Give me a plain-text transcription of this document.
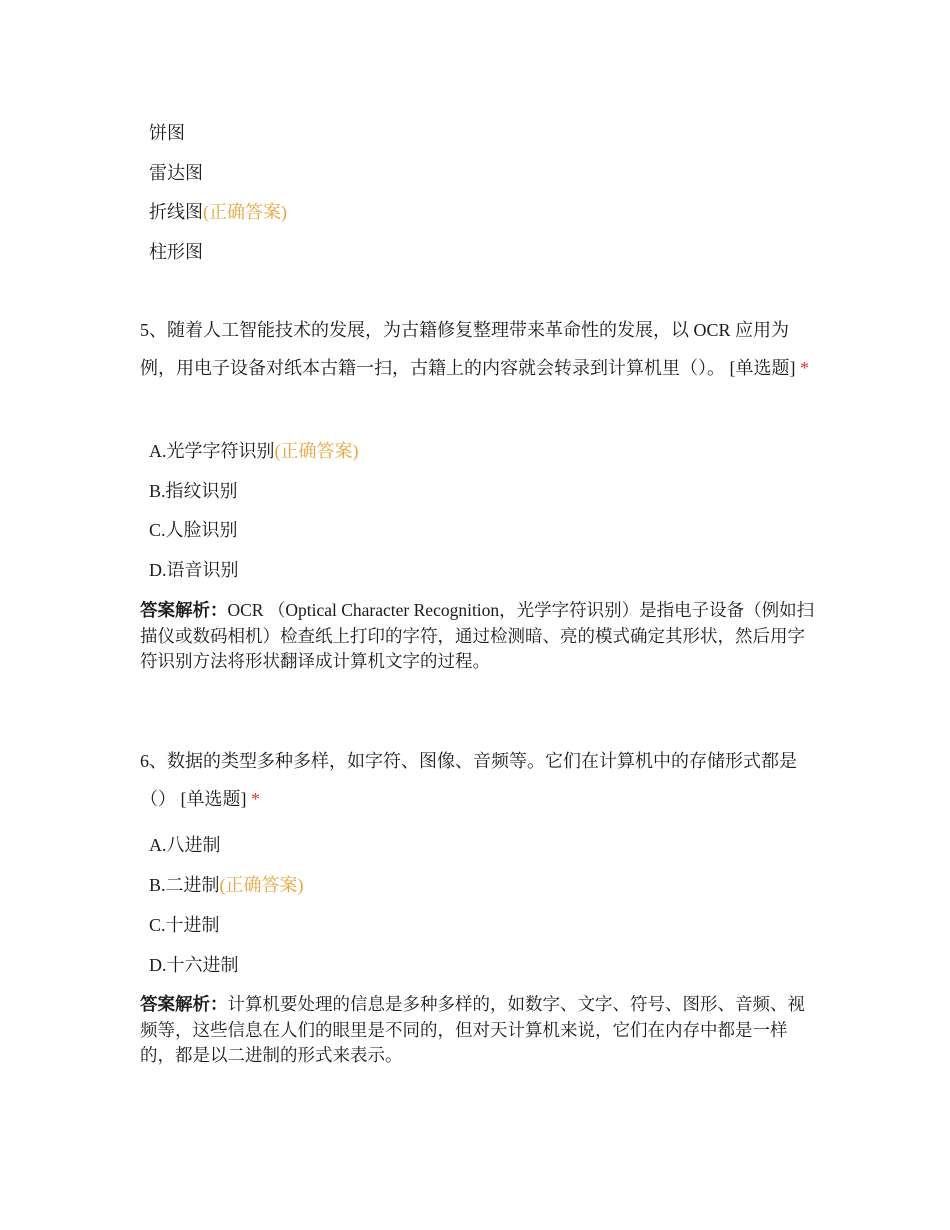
饼图
雷达图
折线图(正确答案)
柱形图
5、随着人工智能技术的发展，为古籍修复整理带来革命性的发展，以 OCR 应用为例，用电子设备对纸本古籍一扫，古籍上的内容就会转录到计算机里（）。 [单选题] *
A.光学字符识别(正确答案)
B.指纹识别
C.人脸识别
D.语音识别
答案解析：OCR （Optical Character Recognition，光学字符识别）是指电子设备（例如扫描仪或数码相机）检查纸上打印的字符，通过检测暗、亮的模式确定其形状，然后用字符识别方法将形状翻译成计算机文字的过程。
6、数据的类型多种多样，如字符、图像、音频等。它们在计算机中的存储形式都是（） [单选题] *
A.八进制
B.二进制(正确答案)
C.十进制
D.十六进制
答案解析：计算机要处理的信息是多种多样的，如数字、文字、符号、图形、音频、视频等，这些信息在人们的眼里是不同的，但对天计算机来说，它们在内存中都是一样的，都是以二进制的形式来表示。
